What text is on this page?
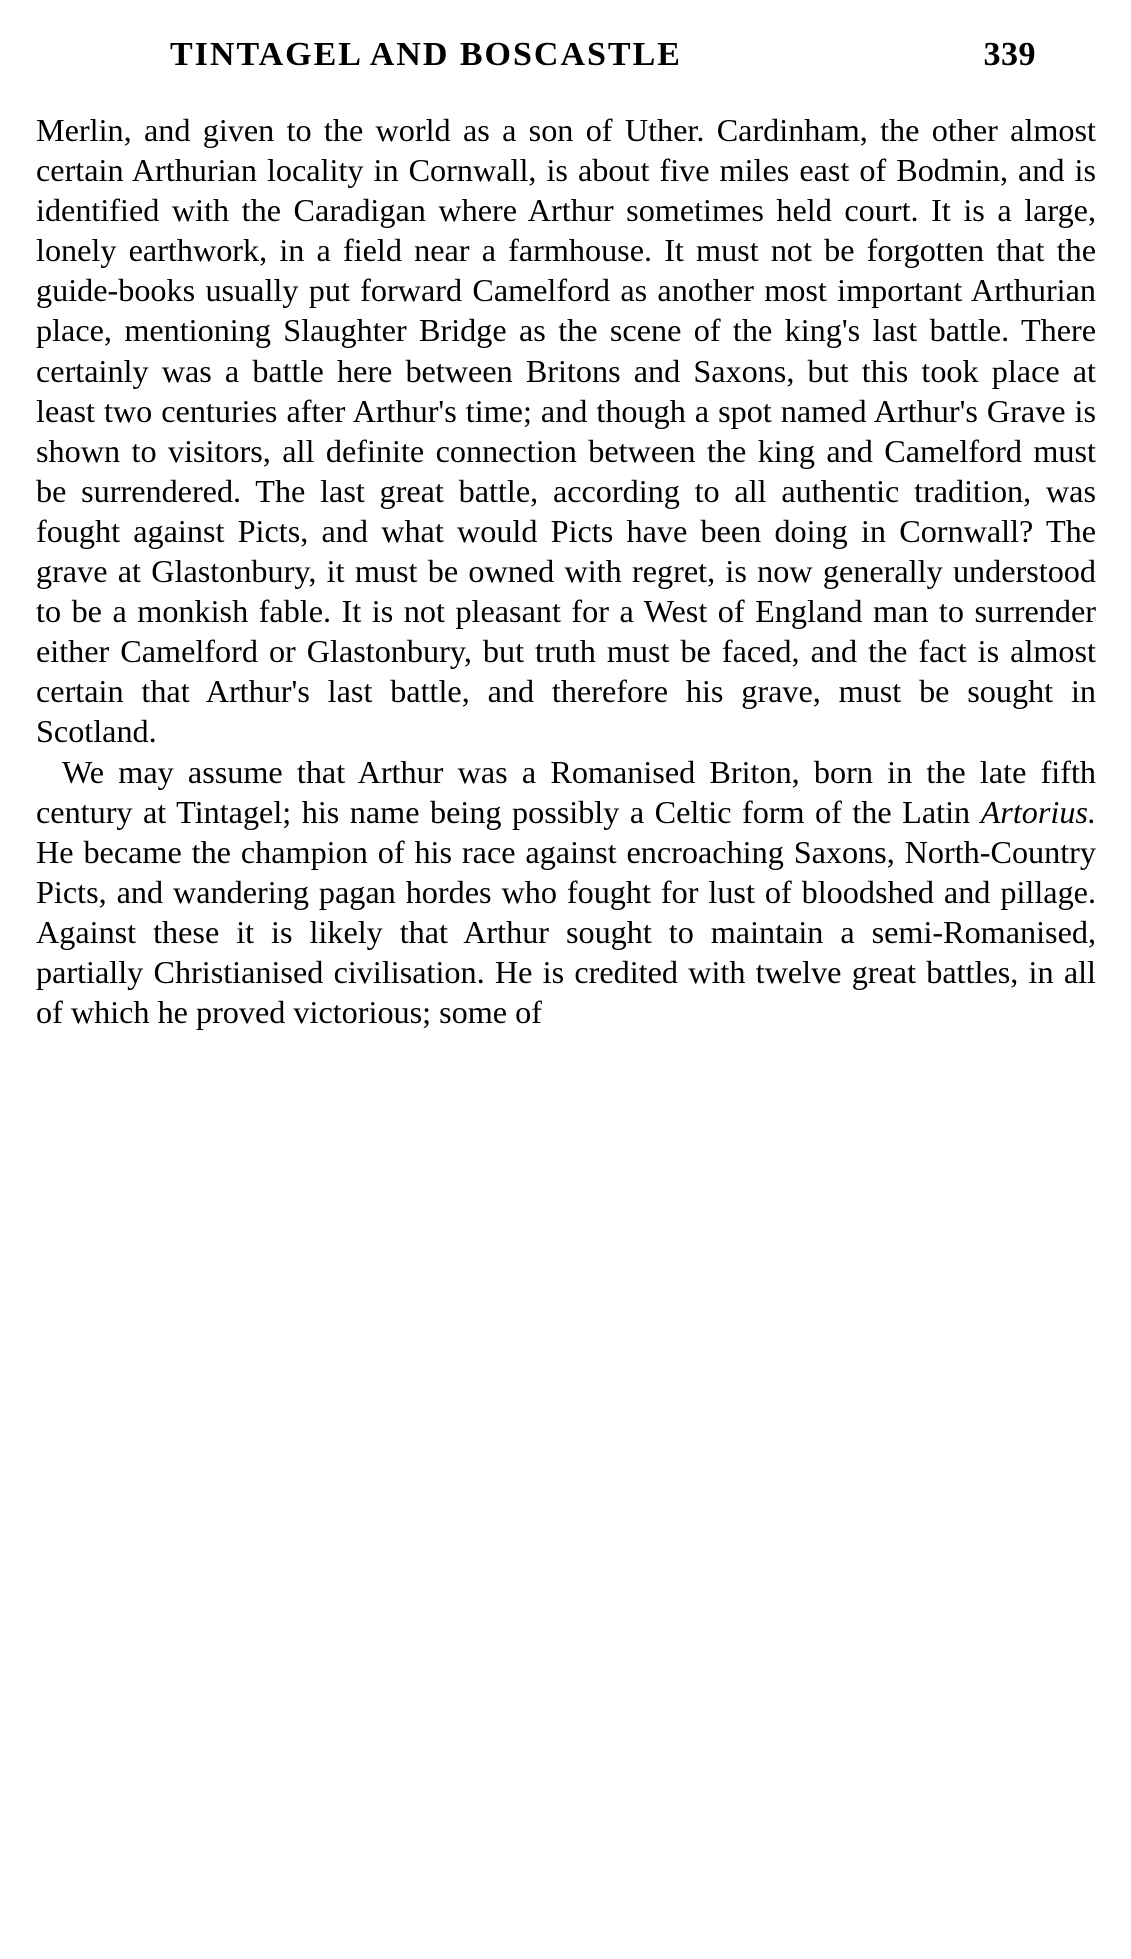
TINTAGEL AND BOSCASTLE	339

Merlin, and given to the world as a son of Uther. Cardinham, the other almost certain Arthurian locality in Cornwall, is about five miles east of Bodmin, and is identified with the Caradigan where Arthur sometimes held court. It is a large, lonely earthwork, in a field near a farmhouse. It must not be forgotten that the guide-books usually put forward Camelford as another most important Arthurian place, mentioning Slaughter Bridge as the scene of the king's last battle. There certainly was a battle here between Britons and Saxons, but this took place at least two centuries after Arthur's time; and though a spot named Arthur's Grave is shown to visitors, all definite connection between the king and Camelford must be surrendered. The last great battle, according to all authentic tradition, was fought against Picts, and what would Picts have been doing in Cornwall? The grave at Glastonbury, it must be owned with regret, is now generally understood to be a monkish fable. It is not pleasant for a West of England man to surrender either Camelford or Glastonbury, but truth must be faced, and the fact is almost certain that Arthur's last battle, and therefore his grave, must be sought in Scotland.

We may assume that Arthur was a Romanised Briton, born in the late fifth century at Tintagel; his name being possibly a Celtic form of the Latin Artorius. He became the champion of his race against encroaching Saxons, North-Country Picts, and wandering pagan hordes who fought for lust of bloodshed and pillage. Against these it is likely that Arthur sought to maintain a semi-Romanised, partially Christianised civilisation. He is credited with twelve great battles, in all of which he proved victorious; some of
